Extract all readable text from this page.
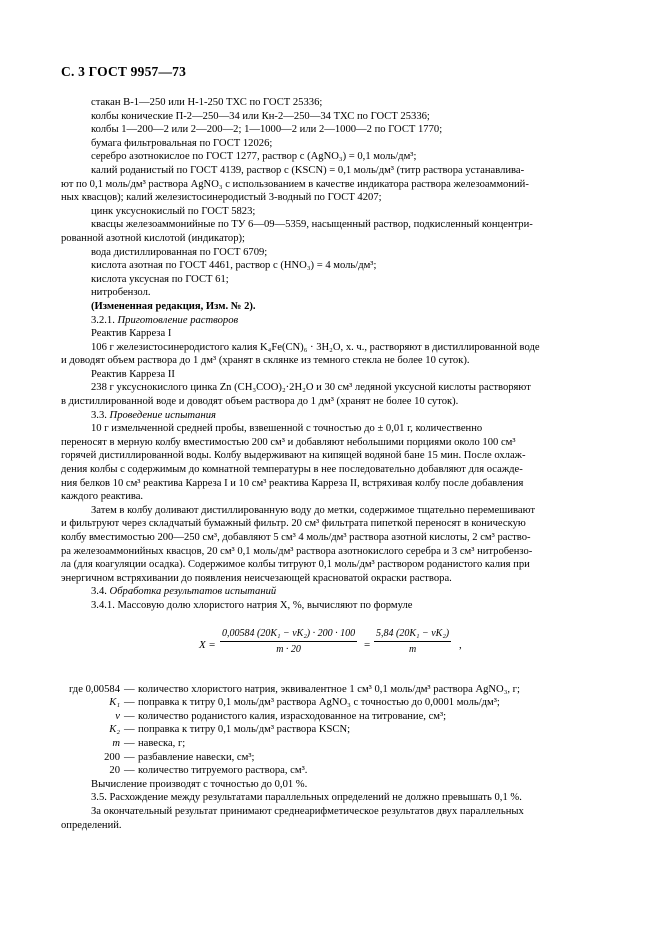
С. 3 ГОСТ 9957—73

стакан В-1—250 или Н-1-250 ТХС по ГОСТ 25336;

колбы конические П-2—250—34 или Кн-2—250—34 ТХС по ГОСТ 25336;

колбы 1—200—2 или 2—200—2; 1—1000—2 или 2—1000—2 по ГОСТ 1770;

бумага фильтровальная по ГОСТ 12026;

серебро азотнокислое по ГОСТ 1277, раствор c (AgNO₃) = 0,1 моль/дм³;

калий роданистый по ГОСТ 4139, раствор c (KSCN) = 0,1 моль/дм³ (титр раствора устанавлива-

ют по 0,1 моль/дм³ раствора AgNO₃ с использованием в качестве индикатора раствора железоаммоний-

ных квасцов); калий железистосинеродистый 3-водный по ГОСТ 4207;

цинк уксуснокислый по ГОСТ 5823;

квасцы железоаммонийные по ТУ 6—09—5359, насыщенный раствор, подкисленный концентри-

рованной азотной кислотой (индикатор);

вода дистиллированная по ГОСТ 6709;

кислота азотная по ГОСТ 4461, раствор c (HNO₃) = 4 моль/дм³;

кислота уксусная по ГОСТ 61;

нитробензол.

(Измененная редакция, Изм. № 2).

3.2.1. Приготовление растворов

Реактив Карреза I

106 г железистосинеродистого калия K₄Fe(CN)₆ · 3H₂O, х. ч., растворяют в дистиллированной воде

и доводят объем раствора до 1 дм³ (хранят в склянке из темного стекла не более 10 суток).

Реактив Карреза II

238 г уксуснокислого цинка Zn (CH₃COO)₂·2H₂O и 30 см³ ледяной уксусной кислоты растворяют

в дистиллированной воде и доводят объем раствора до 1 дм³ (хранят не более 10 суток).

3.3. Проведение испытания

10 г измельченной средней пробы, взвешенной с точностью до ± 0,01 г, количественно

переносят в мерную колбу вместимостью 200 см³ и добавляют небольшими порциями около 100 см³

горячей дистиллированной воды. Колбу выдерживают на кипящей водяной бане 15 мин. После охлаж-

дения колбы с содержимым до комнатной температуры в нее последовательно добавляют для осажде-

ния белков 10 см³ реактива Карреза I и 10 см³ реактива Карреза II, встряхивая колбу после добавления

каждого реактива.

Затем в колбу доливают дистиллированную воду до метки, содержимое тщательно перемешивают

и фильтруют через складчатый бумажный фильтр. 20 см³ фильтрата пипеткой переносят в коническую

колбу вместимостью 200—250 см³, добавляют 5 см³ 4 моль/дм³ раствора азотной кислоты, 2 см³ раство-

ра железоаммонийных квасцов, 20 см³ 0,1 моль/дм³ раствора азотнокислого серебра и 3 см³ нитробензо-

ла (для коагуляции осадка). Содержимое колбы титруют 0,1 моль/дм³ раствором роданистого калия при

энергичном встряхивании до появления неисчезающей красноватой окраски раствора.

3.4. Обработка результатов испытаний

3.4.1. Массовую долю хлористого натрия X, %, вычисляют по формуле

$X = \frac{\text{0,00584 (20K₁ − vK₂) · 200 · 100}}{m \cdot 20} = \frac{\text{5,84 (20K₁ − vK₂)}}{m}$ ,
где 0,00584 — количество хлористого натрия, эквивалентное 1 см³ 0,1 моль/дм³ раствора AgNO₃, г;
K₁ — поправка к титру 0,1 моль/дм³ раствора AgNO₃ с точностью до 0,0001 моль/дм³;
v — количество роданистого калия, израсходованное на титрование, см³;
K₂ — поправка к титру 0,1 моль/дм³ раствора KSCN;
m — навеска, г;
200 — разбавление навески, см³;
20 — количество титруемого раствора, см³.

Вычисление производят с точностью до 0,01 %.

3.5. Расхождение между результатами параллельных определений не должно превышать 0,1 %.

За окончательный результат принимают среднеарифметическое результатов двух параллельных

определений.
